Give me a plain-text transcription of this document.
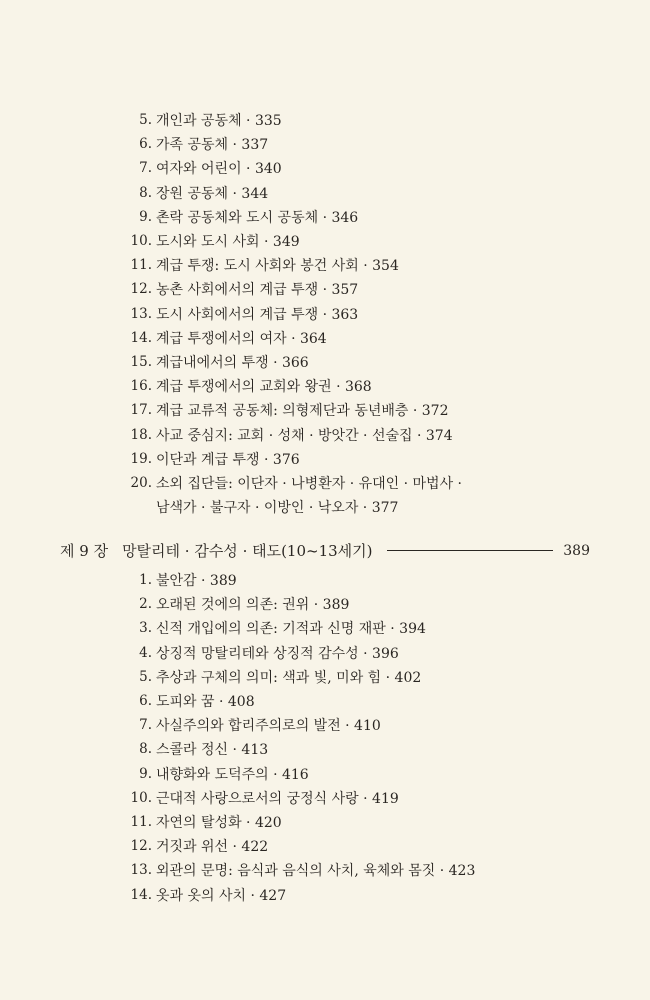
5. 개인과 공동체 · 335
6. 가족 공동체 · 337
7. 여자와 어린이 · 340
8. 장원 공동체 · 344
9. 촌락 공동체와 도시 공동체 · 346
10. 도시와 도시 사회 · 349
11. 계급 투쟁: 도시 사회와 봉건 사회 · 354
12. 농촌 사회에서의 계급 투쟁 · 357
13. 도시 사회에서의 계급 투쟁 · 363
14. 계급 투쟁에서의 여자 · 364
15. 계급내에서의 투쟁 · 366
16. 계급 투쟁에서의 교회와 왕권 · 368
17. 계급 교류적 공동체: 의형제단과 동년배층 · 372
18. 사교 중심지: 교회 · 성채 · 방앗간 · 선술집 · 374
19. 이단과 계급 투쟁 · 376
20. 소외 집단들: 이단자 · 나병환자 · 유대인 · 마법사 ·
남색가 · 불구자 · 이방인 · 낙오자 · 377
제 9 장 망탈리테 · 감수성 · 태도(10~13세기)	389
1. 불안감 · 389
2. 오래된 것에의 의존: 권위 · 389
3. 신적 개입에의 의존: 기적과 신명 재판 · 394
4. 상징적 망탈리테와 상징적 감수성 · 396
5. 추상과 구체의 의미: 색과 빛, 미와 힘 · 402
6. 도피와 꿈 · 408
7. 사실주의와 합리주의로의 발전 · 410
8. 스콜라 정신 · 413
9. 내향화와 도덕주의 · 416
10. 근대적 사랑으로서의 궁정식 사랑 · 419
11. 자연의 탈성화 · 420
12. 거짓과 위선 · 422
13. 외관의 문명: 음식과 음식의 사치, 육체와 몸짓 · 423
14. 옷과 옷의 사치 · 427
